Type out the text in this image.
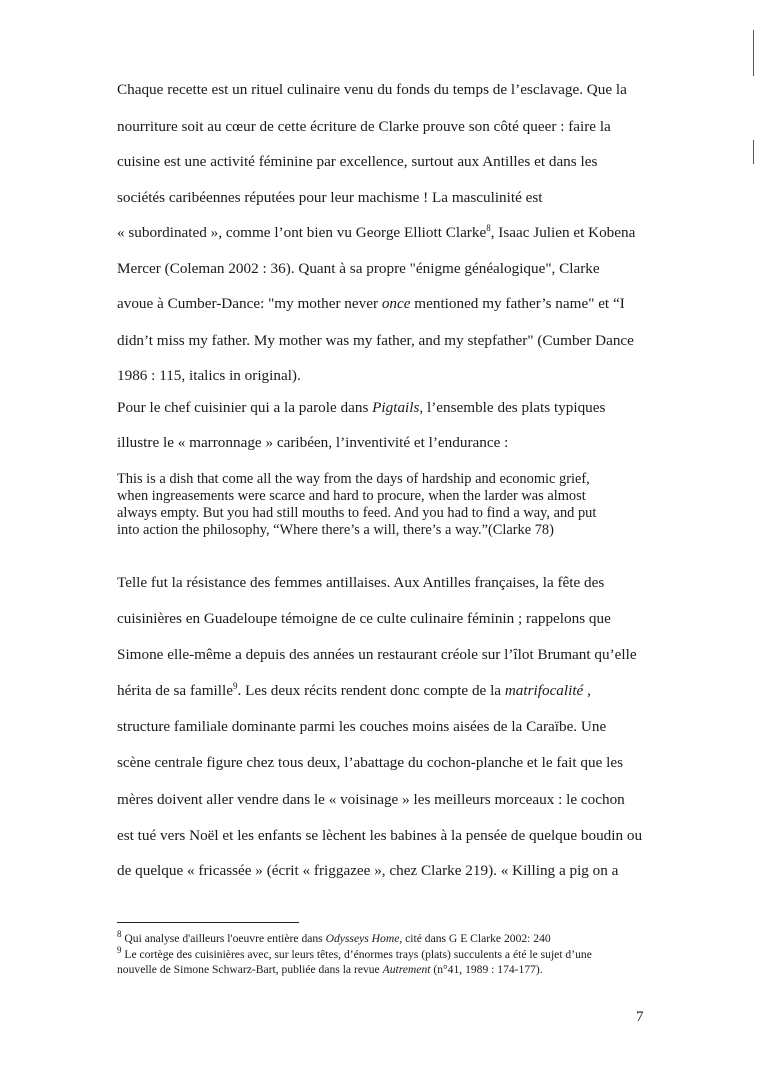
Chaque recette est un rituel culinaire venu du fonds du temps de l’esclavage. Que la
nourriture soit au cœur de cette écriture de Clarke prouve son côté queer : faire la
cuisine est une activité féminine par excellence, surtout aux Antilles et dans les
sociétés caribéennes réputées pour leur machisme ! La masculinité est
« subordinated », comme l’ont bien vu George Elliott Clarke$^8$, Isaac Julien et Kobena
Mercer (Coleman 2002 : 36). Quant à sa propre "énigme généalogique", Clarke
avoue à Cumber-Dance: "my mother never once mentioned my father’s name" et “I
didn’t miss my father. My mother was my father, and my stepfather" (Cumber Dance
1986 : 115, italics in original).
Pour le chef cuisinier qui a la parole dans Pigtails, l’ensemble des plats typiques
illustre le « marronnage » caribéen, l’inventivité et l’endurance :
This is a dish that come all the way from the days of hardship and economic grief,
when ingreasements were scarce and hard to procure, when the larder was almost
always empty. But you had still mouths to feed. And you had to find a way, and put
into action the philosophy, “Where there’s a will, there’s a way.”(Clarke 78)
Telle fut la résistance des femmes antillaises. Aux Antilles françaises, la fête des
cuisinières en Guadeloupe témoigne de ce culte culinaire féminin ; rappelons que
Simone elle-même a depuis des années un restaurant créole sur l’îlot Brumant qu’elle
hérita de sa famille$^9$. Les deux récits rendent donc compte de la matrifocalité ,
structure familiale dominante parmi les couches moins aisées de la Caraïbe. Une
scène centrale figure chez tous deux, l’abattage du cochon-planche et le fait que les
mères doivent aller vendre dans le « voisinage » les meilleurs morceaux : le cochon
est tué vers Noël et les enfants se lèchent les babines à la pensée de quelque boudin ou
de quelque « fricassée » (écrit « friggazee », chez Clarke 219). « Killing a pig on a
$^8$ Qui analyse d'ailleurs l'oeuvre entière dans Odysseys Home, cité dans G E Clarke 2002: 240
$^9$ Le cortège des cuisinières avec, sur leurs têtes, d’énormes trays (plats) succulents a été le sujet d’une
nouvelle de Simone Schwarz-Bart, publiée dans la revue Autrement (n°41, 1989 : 174-177).
7
